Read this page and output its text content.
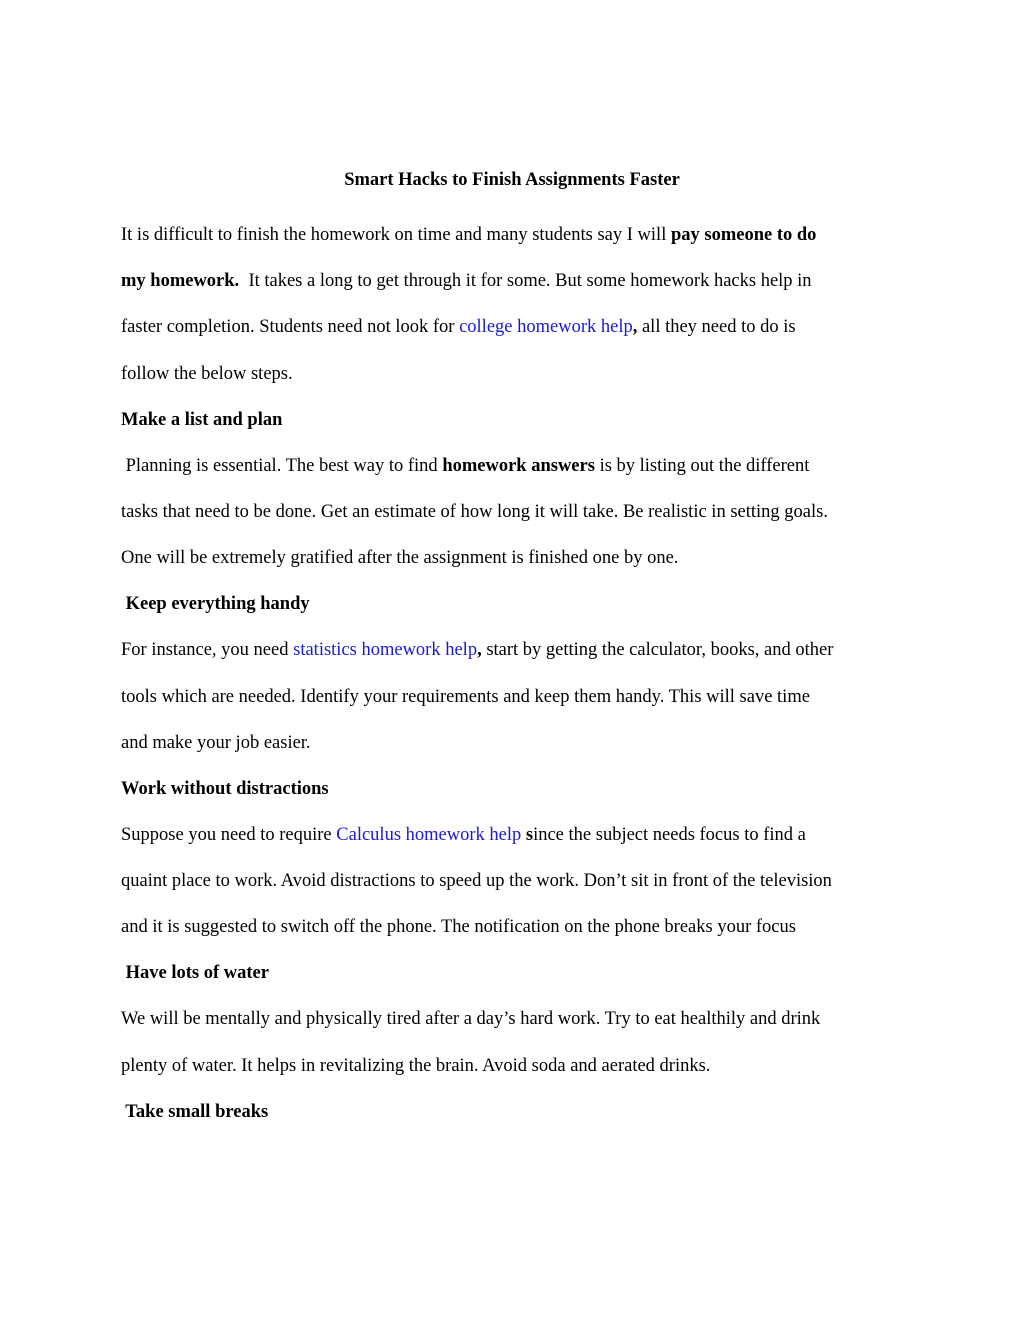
Smart Hacks to Finish Assignments Faster
It is difficult to finish the homework on time and many students say I will pay someone to do
my homework.  It takes a long to get through it for some. But some homework hacks help in
faster completion. Students need not look for college homework help, all they need to do is
follow the below steps.
Make a list and plan
Planning is essential. The best way to find homework answers is by listing out the different
tasks that need to be done. Get an estimate of how long it will take. Be realistic in setting goals.
One will be extremely gratified after the assignment is finished one by one.
Keep everything handy
For instance, you need statistics homework help, start by getting the calculator, books, and other
tools which are needed. Identify your requirements and keep them handy. This will save time
and make your job easier.
Work without distractions
Suppose you need to require Calculus homework help since the subject needs focus to find a
quaint place to work. Avoid distractions to speed up the work. Don’t sit in front of the television
and it is suggested to switch off the phone. The notification on the phone breaks your focus
Have lots of water
We will be mentally and physically tired after a day’s hard work. Try to eat healthily and drink
plenty of water. It helps in revitalizing the brain. Avoid soda and aerated drinks.
Take small breaks
